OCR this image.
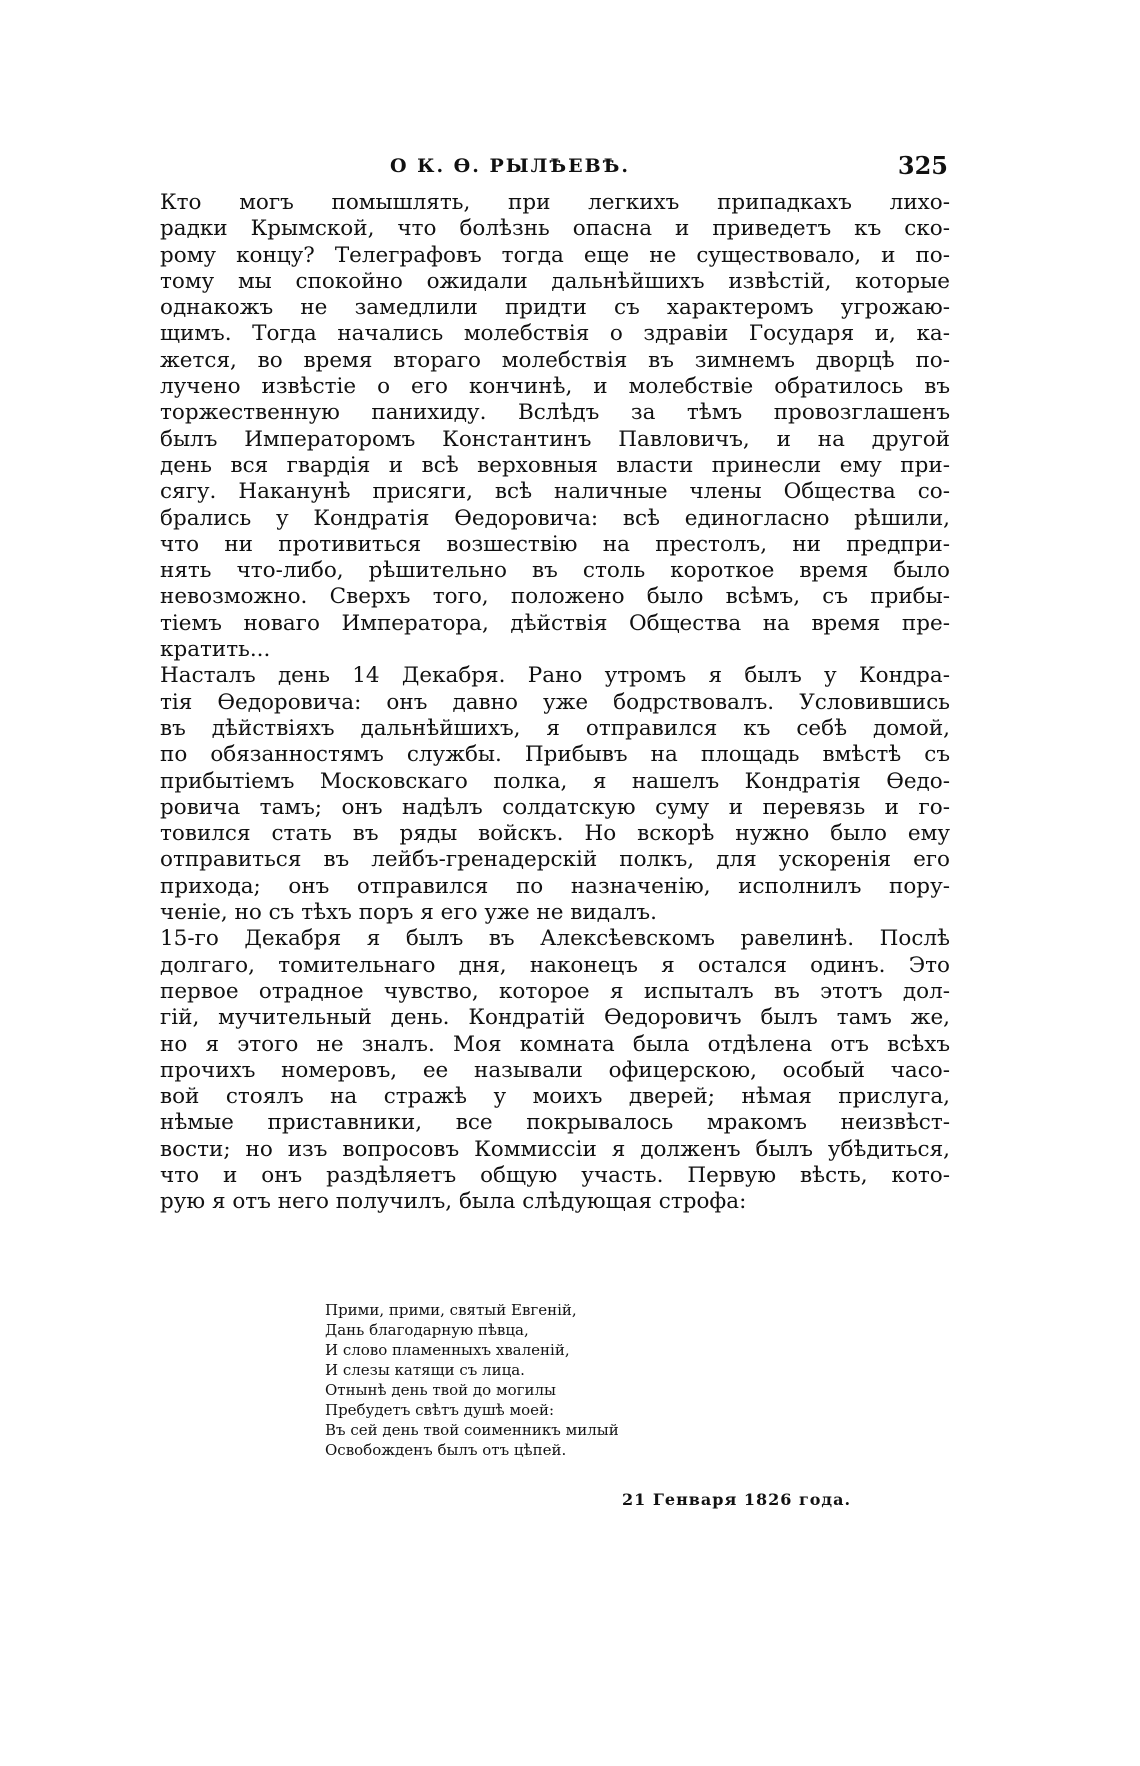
О К. Ѳ. РЫЛѢЕВѢ.	325
Кто могъ помышлять, при легкихъ припадкахъ лихо-
радки Крымской, что болѣзнь опасна и приведетъ къ ско-
рому концу? Телеграфовъ тогда еще не существовало, и по-
тому мы спокойно ожидали дальнѣйшихъ извѣстій, которые
однакожъ не замедлили придти съ характеромъ угрожаю-
щимъ. Тогда начались молебствія о здравіи Государя и, ка-
жется, во время втораго молебствія въ зимнемъ дворцѣ по-
лучено извѣстіе о его кончинѣ, и молебствіе обратилось въ
торжественную панихиду. Вслѣдъ за тѣмъ провозглашенъ
былъ Императоромъ Константинъ Павловичъ, и на другой
день вся гвардія и всѣ верховныя власти принесли ему при-
сягу. Наканунѣ присяги, всѣ наличные члены Общества со-
брались у Кондратія Ѳедоровича: всѣ единогласно рѣшили,
что ни противиться возшествію на престолъ, ни предпри-
нять что-либо, рѣшительно въ столь короткое время было
невозможно. Сверхъ того, положено было всѣмъ, съ прибы-
тіемъ новаго Императора, дѣйствія Общества на время пре-
кратить...
Насталъ день 14 Декабря. Рано утромъ я былъ у Кондра-
тія Ѳедоровича: онъ давно уже бодрствовалъ. Условившись
въ дѣйствіяхъ дальнѣйшихъ, я отправился къ себѣ домой,
по обязанностямъ службы. Прибывъ на площадь вмѣстѣ съ
прибытіемъ Московскаго полка, я нашелъ Кондратія Ѳедо-
ровича тамъ; онъ надѣлъ солдатскую суму и перевязь и го-
товился стать въ ряды войскъ. Но вскорѣ нужно было ему
отправиться въ лейбъ-гренадерскій полкъ, для ускоренія его
прихода; онъ отправился по назначенію, исполнилъ пору-
ченіе, но съ тѣхъ поръ я его уже не видалъ.
15-го Декабря я былъ въ Алексѣевскомъ равелинѣ. Послѣ
долгаго, томительнаго дня, наконецъ я остался одинъ. Это
первое отрадное чувство, которое я испыталъ въ этотъ дол-
гій, мучительный день. Кондратій Ѳедоровичъ былъ тамъ же,
но я этого не зналъ. Моя комната была отдѣлена отъ всѣхъ
прочихъ номеровъ, ее называли офицерскою, особый часо-
вой стоялъ на стражѣ у моихъ дверей; нѣмая прислуга,
нѣмые приставники, все покрывалось мракомъ неизвѣст-
вости; но изъ вопросовъ Коммиссіи я долженъ былъ убѣдиться,
что и онъ раздѣляетъ общую участь. Первую вѣсть, кото-
рую я отъ него получилъ, была слѣдующая строфа:
Прими, прими, святый Евгеній,
Дань благодарную пѣвца,
И слово пламенныхъ хваленій,
И слезы катящи съ лица.
Отнынѣ день твой до могилы
Пребудетъ свѣтъ душѣ моей:
Въ сей день твой соименникъ милый
Освобожденъ былъ отъ цѣпей.
21 Генваря 1826 года.
